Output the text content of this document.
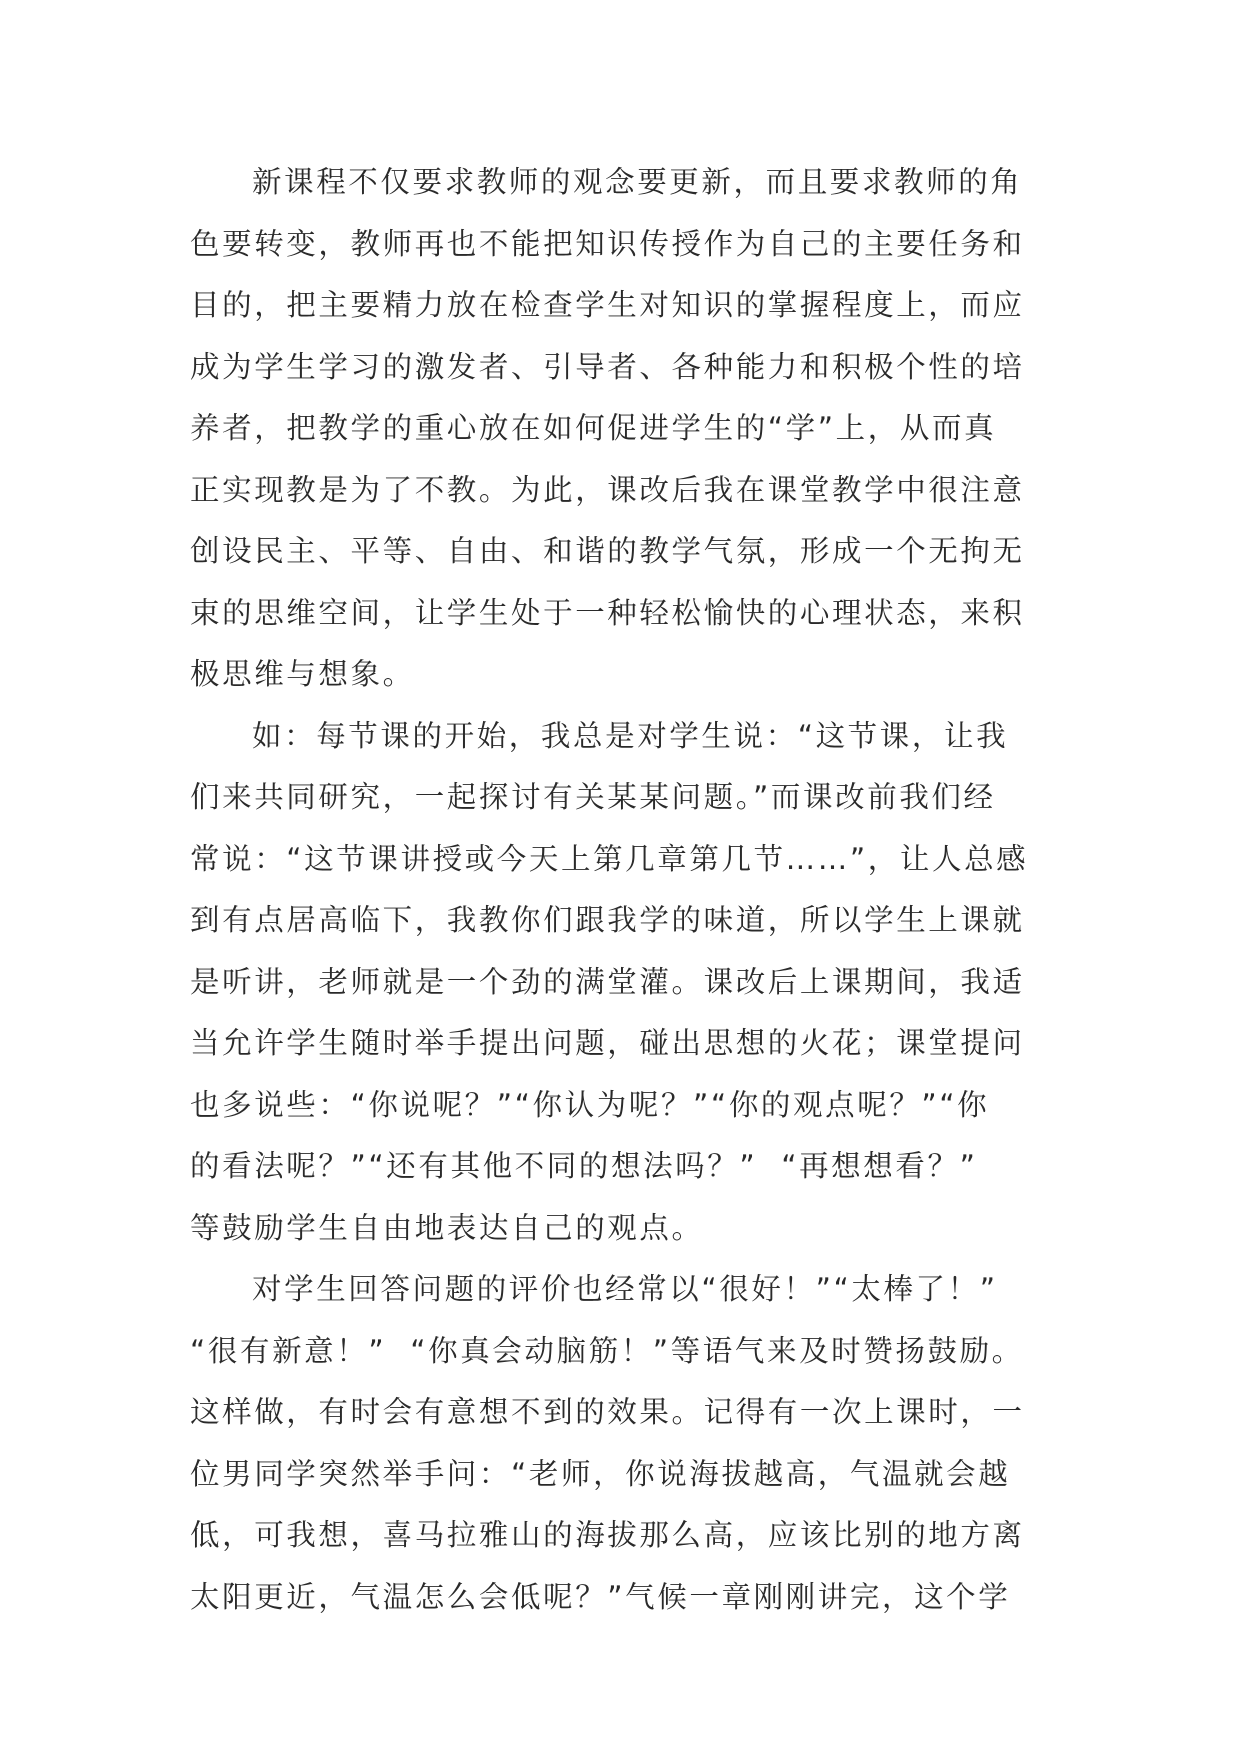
新课程不仅要求教师的观念要更新，而且要求教师的角
色要转变，教师再也不能把知识传授作为自己的主要任务和
目的，把主要精力放在检查学生对知识的掌握程度上，而应
成为学生学习的激发者、引导者、各种能力和积极个性的培
养者，把教学的重心放在如何促进学生的“学”上，从而真
正实现教是为了不教。为此，课改后我在课堂教学中很注意
创设民主、平等、自由、和谐的教学气氛，形成一个无拘无
束的思维空间，让学生处于一种轻松愉快的心理状态，来积
极思维与想象。
如：每节课的开始，我总是对学生说：“这节课，让我
们来共同研究，一起探讨有关某某问题。”而课改前我们经
常说：“这节课讲授或今天上第几章第几节……”，让人总感
到有点居高临下，我教你们跟我学的味道，所以学生上课就
是听讲，老师就是一个劲的满堂灌。课改后上课期间，我适
当允许学生随时举手提出问题，碰出思想的火花；课堂提问
也多说些：“你说呢？”“你认为呢？”“你的观点呢？”“你
的看法呢？”“还有其他不同的想法吗？”  “再想想看？”
等鼓励学生自由地表达自己的观点。
对学生回答问题的评价也经常以“很好！”“太棒了！”
“很有新意！”  “你真会动脑筋！”等语气来及时赞扬鼓励。
这样做，有时会有意想不到的效果。记得有一次上课时，一
位男同学突然举手问：“老师，你说海拔越高，气温就会越
低，可我想，喜马拉雅山的海拔那么高，应该比别的地方离
太阳更近，气温怎么会低呢？”气候一章刚刚讲完，这个学
